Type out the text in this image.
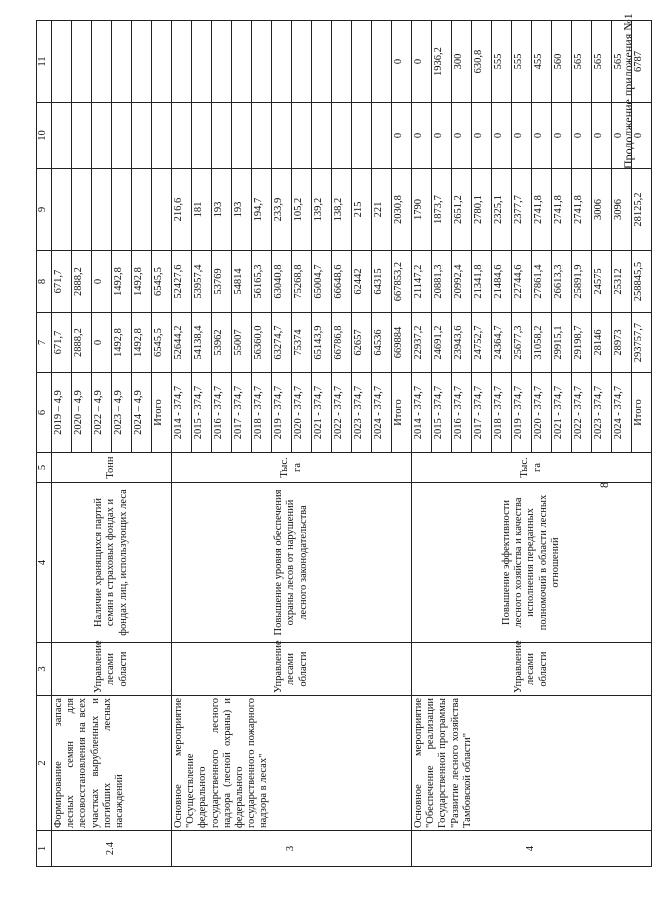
8
Продолжение приложения №1
1	2	3	4	5	6	7	8	9	10	11
2.4	Формирование запаса лесных семян для лесовосстановления на всех участках вырубленных и погибших лесных насаждений	Управление лесами области	Наличие хранящихся партий семян в страховых фондах и фондах лиц, использующих леса	Тонн	2019 – 4,9	671,7	671,7			
					2020 – 4,9	2888,2	2888,2			
					2022 – 4,9	0	0			
					2023 – 4,9	1492,8	1492,8			
					2024 – 4,9	1492,8	1492,8			
					Итого	6545,5	6545,5			
3	Основное мероприятие "Осуществление федерального государственного лесного надзора (лесной охраны) и федерального государственного пожарного надзора в лесах"	Управление лесами области	Повышение уровня обеспечения охраны лесов от нарушений лесного законодательства	Тыс. га	2014 - 374,7	52644,2	52427,6	216,6		
					2015 - 374,7	54138,4	53957,4	181		
					2016 - 374,7	53962	53769	193		
					2017 - 374,7	55007	54814	193		
					2018 - 374,7	56360,0	56165,3	194,7		
					2019 - 374,7	63274,7	63040,8	233,9		
					2020 - 374,7	75374	75268,8	105,2		
					2021 - 374,7	65143,9	65004,7	139,2		
					2022 - 374,7	66786,8	66648,6	138,2		
					2023 - 374,7	62657	62442	215		
					2024 - 374,7	64536	64315	221		
					Итого	669884	667853,2	2030,8	0	0
4	Основное мероприятие "Обеспечение реализации Государственной программы "Развитие лесного хозяйства Тамбовской области"	Управление лесами области	Повышение эффективности лесного хозяйства и качества исполнения переданных полномочий в области лесных отношений	Тыс. га	2014 - 374,7	22937,2	21147,2	1790	0	0
					2015 - 374,7	24691,2	20881,3	1873,7	0	1936,2
					2016 - 374,7	23943,6	20992,4	2651,2	0	300
					2017 - 374,7	24752,7	21341,8	2780,1	0	630,8
					2018 - 374,7	24364,7	21484,6	2325,1	0	555
					2019 - 374,7	25677,3	22744,6	2377,7	0	555
					2020 - 374,7	31058,2	27861,4	2741,8	0	455
					2021 - 374,7	29915,1	26613,3	2741,8	0	560
					2022 - 374,7	29198,7	25891,9	2741,8	0	565
					2023 - 374,7	28146	24575	3006	0	565
					2024 - 374,7	28973	25312	3096	0	565
					Итого	293757,7	258845,5	28125,2	0	6787
